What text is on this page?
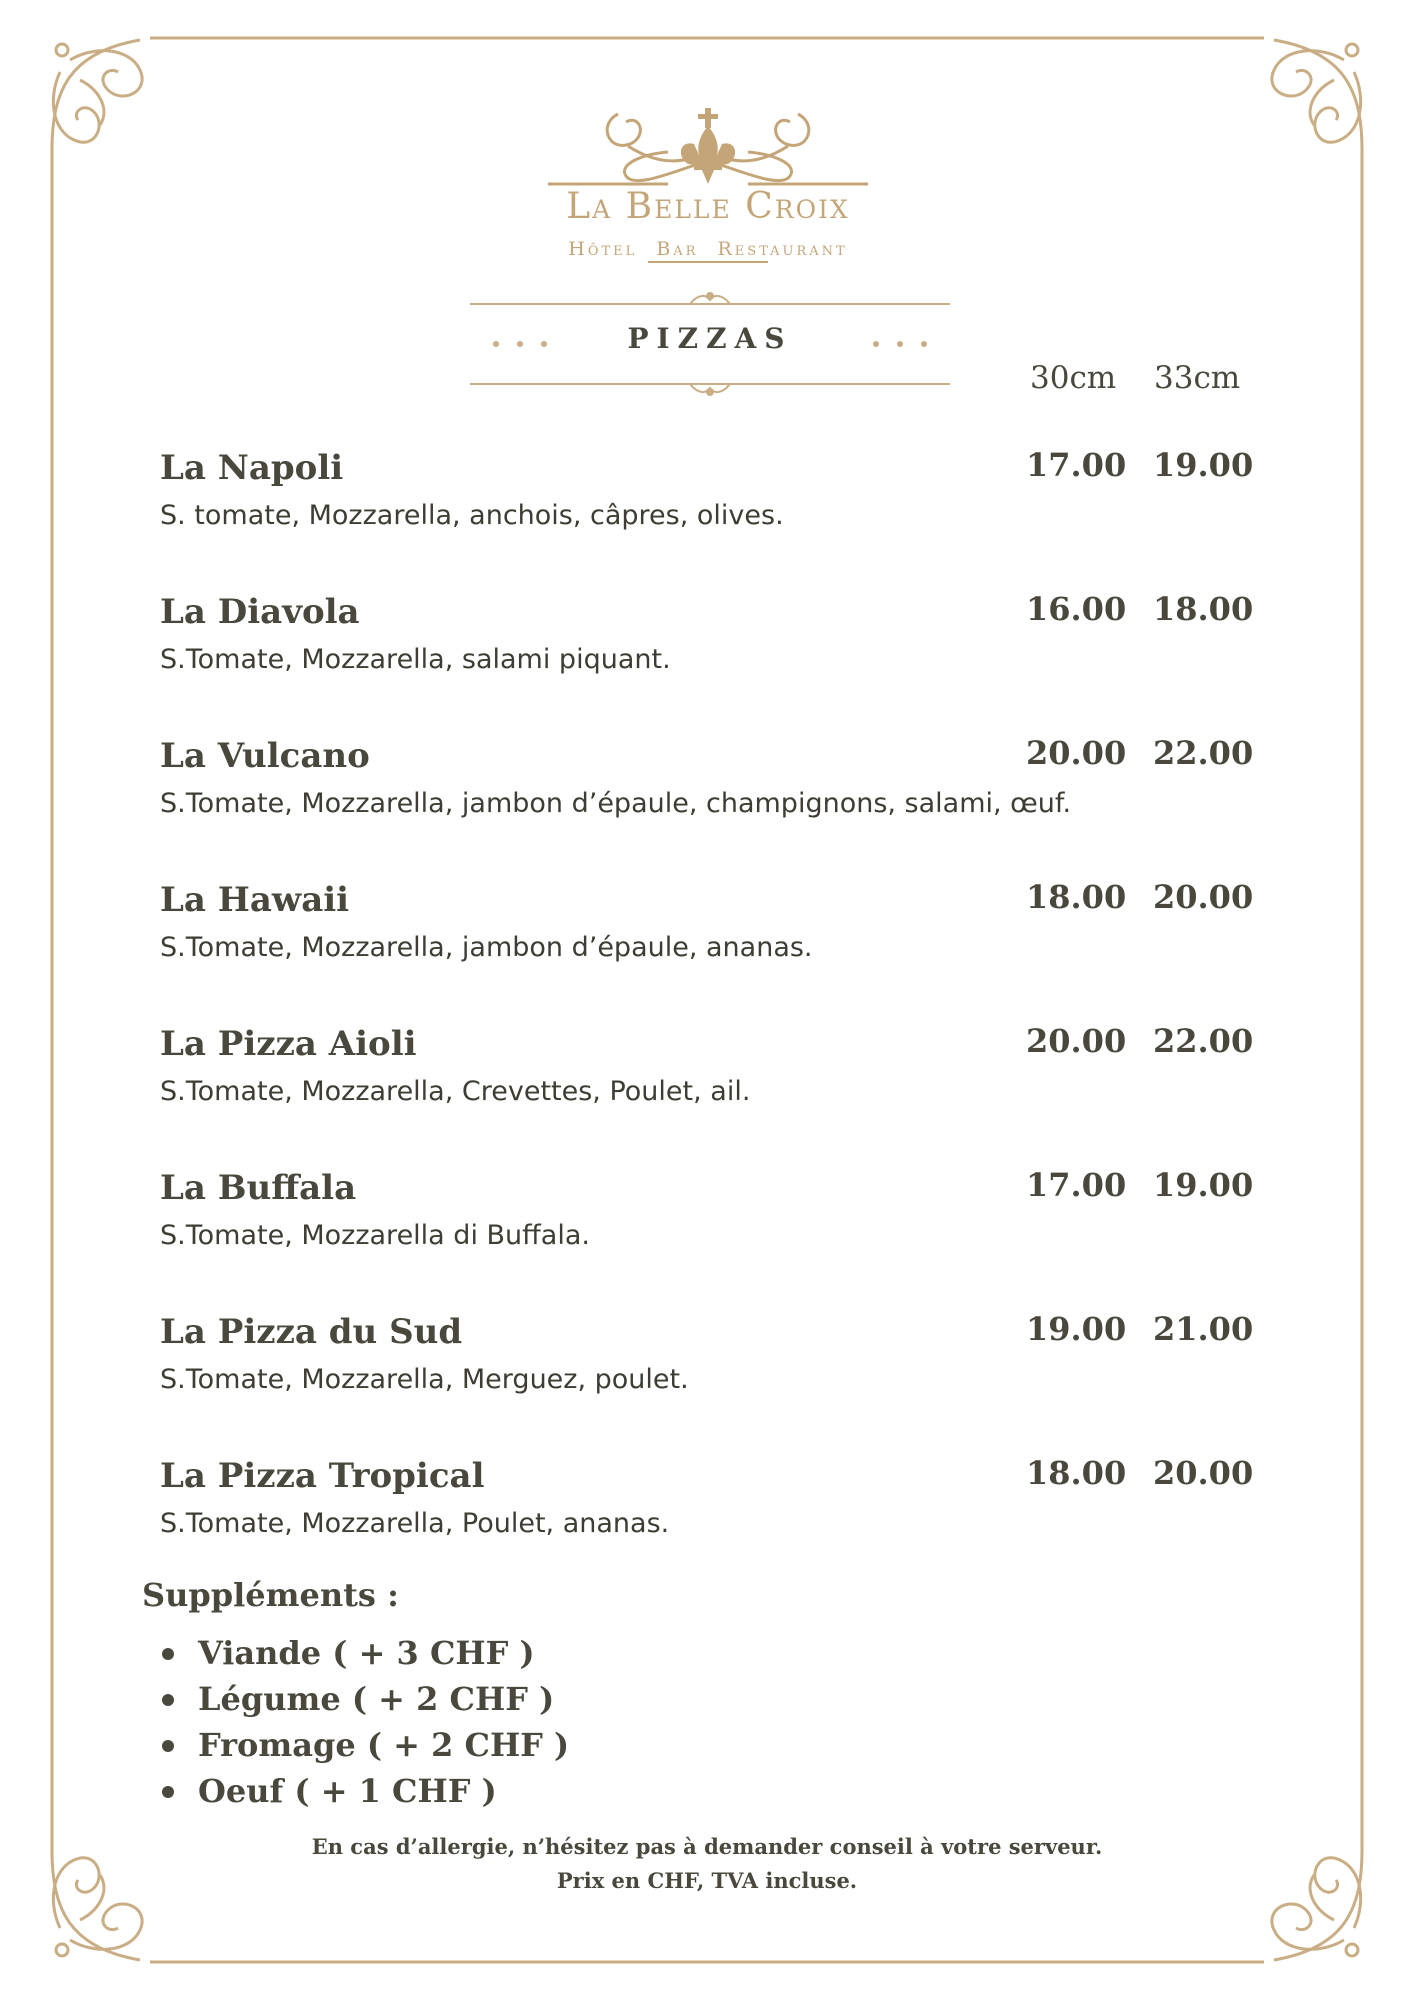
La Belle Croix
Hôtel Bar Restaurant
PIZZAS
30cm 33cm
La Napoli	17.00 19.00
S. tomate, Mozzarella, anchois, câpres, olives.
La Diavola	16.00 18.00
S.Tomate, Mozzarella, salami piquant.
La Vulcano	20.00 22.00
S.Tomate, Mozzarella, jambon d’épaule, champignons, salami, œuf.
La Hawaii	18.00 20.00
S.Tomate, Mozzarella, jambon d’épaule, ananas.
La Pizza Aioli	20.00 22.00
S.Tomate, Mozzarella, Crevettes, Poulet, ail.
La Buffala	17.00 19.00
S.Tomate, Mozzarella di Buffala.
La Pizza du Sud	19.00 21.00
S.Tomate, Mozzarella, Merguez, poulet.
La Pizza Tropical	18.00 20.00
S.Tomate, Mozzarella, Poulet, ananas.
Suppléments :
Viande ( + 3 CHF )
Légume ( + 2 CHF )
Fromage ( + 2 CHF )
Oeuf ( + 1 CHF )
En cas d’allergie, n’hésitez pas à demander conseil à votre serveur.
Prix en CHF, TVA incluse.
